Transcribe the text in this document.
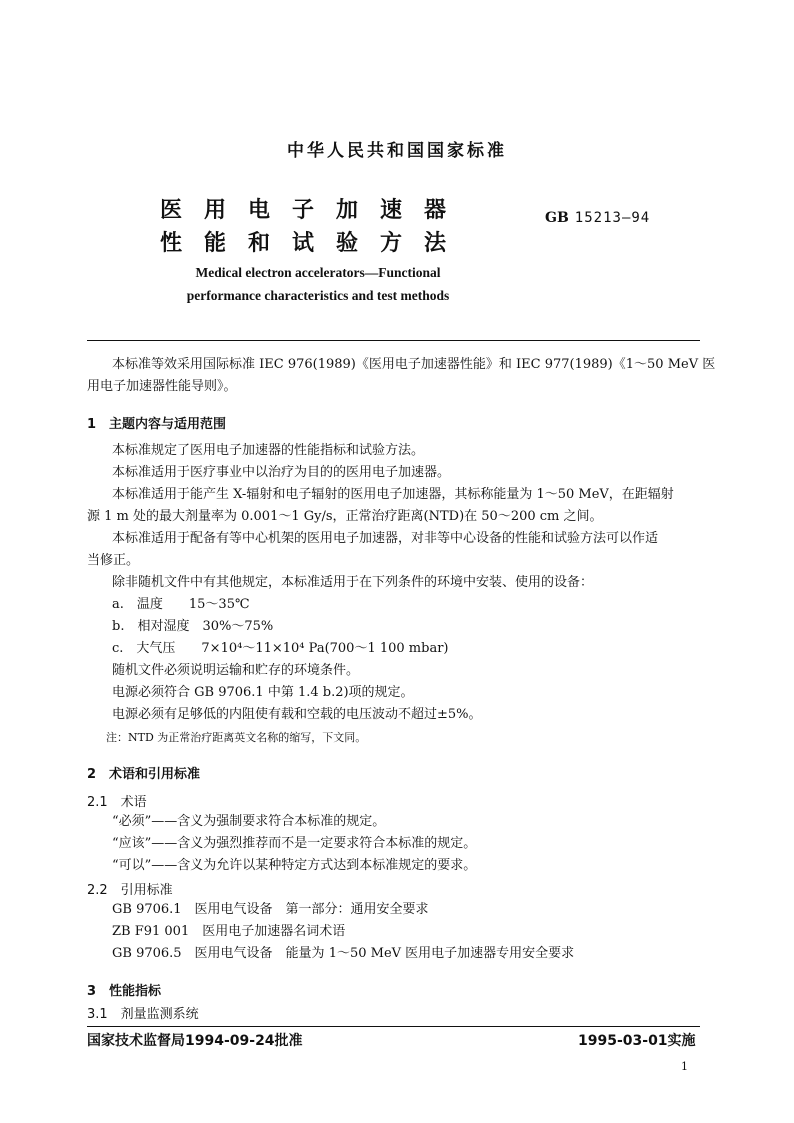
中华人民共和国国家标准
医　用　电　子　加　速　器
性　能　和　试　验　方　法
GB 15213—94
Medical electron accelerators—Functional
performance characteristics and test methods
本标准等效采用国际标准 IEC 976(1989)《医用电子加速器性能》和 IEC 977(1989)《1～50 MeV 医
用电子加速器性能导则》。
1　主题内容与适用范围
本标准规定了医用电子加速器的性能指标和试验方法。
本标准适用于医疗事业中以治疗为目的的医用电子加速器。
本标准适用于能产生 X-辐射和电子辐射的医用电子加速器，其标称能量为 1～50 MeV，在距辐射
源 1 m 处的最大剂量率为 0.001～1 Gy/s，正常治疗距离(NTD)在 50～200 cm 之间。
本标准适用于配备有等中心机架的医用电子加速器，对非等中心设备的性能和试验方法可以作适
当修正。
除非随机文件中有其他规定，本标准适用于在下列条件的环境中安装、使用的设备：
a.　温度　　15～35℃
b.　相对湿度　30%～75%
c.　大气压　　7×10⁴～11×10⁴ Pa(700～1 100 mbar)
随机文件必须说明运输和贮存的环境条件。
电源必须符合 GB 9706.1 中第 1.4 b.2)项的规定。
电源必须有足够低的内阻使有载和空载的电压波动不超过±5%。
注：NTD 为正常治疗距离英文名称的缩写，下文同。
2　术语和引用标准
2.1　术语
“必须”——含义为强制要求符合本标准的规定。
“应该”——含义为强烈推荐而不是一定要求符合本标准的规定。
“可以”——含义为允许以某种特定方式达到本标准规定的要求。
2.2　引用标准
GB 9706.1　医用电气设备　第一部分：通用安全要求
ZB F91 001　医用电子加速器名词术语
GB 9706.5　医用电气设备　能量为 1～50 MeV 医用电子加速器专用安全要求
3　性能指标
3.1　剂量监测系统
国家技术监督局1994-09-24批准	1995-03-01实施
1
